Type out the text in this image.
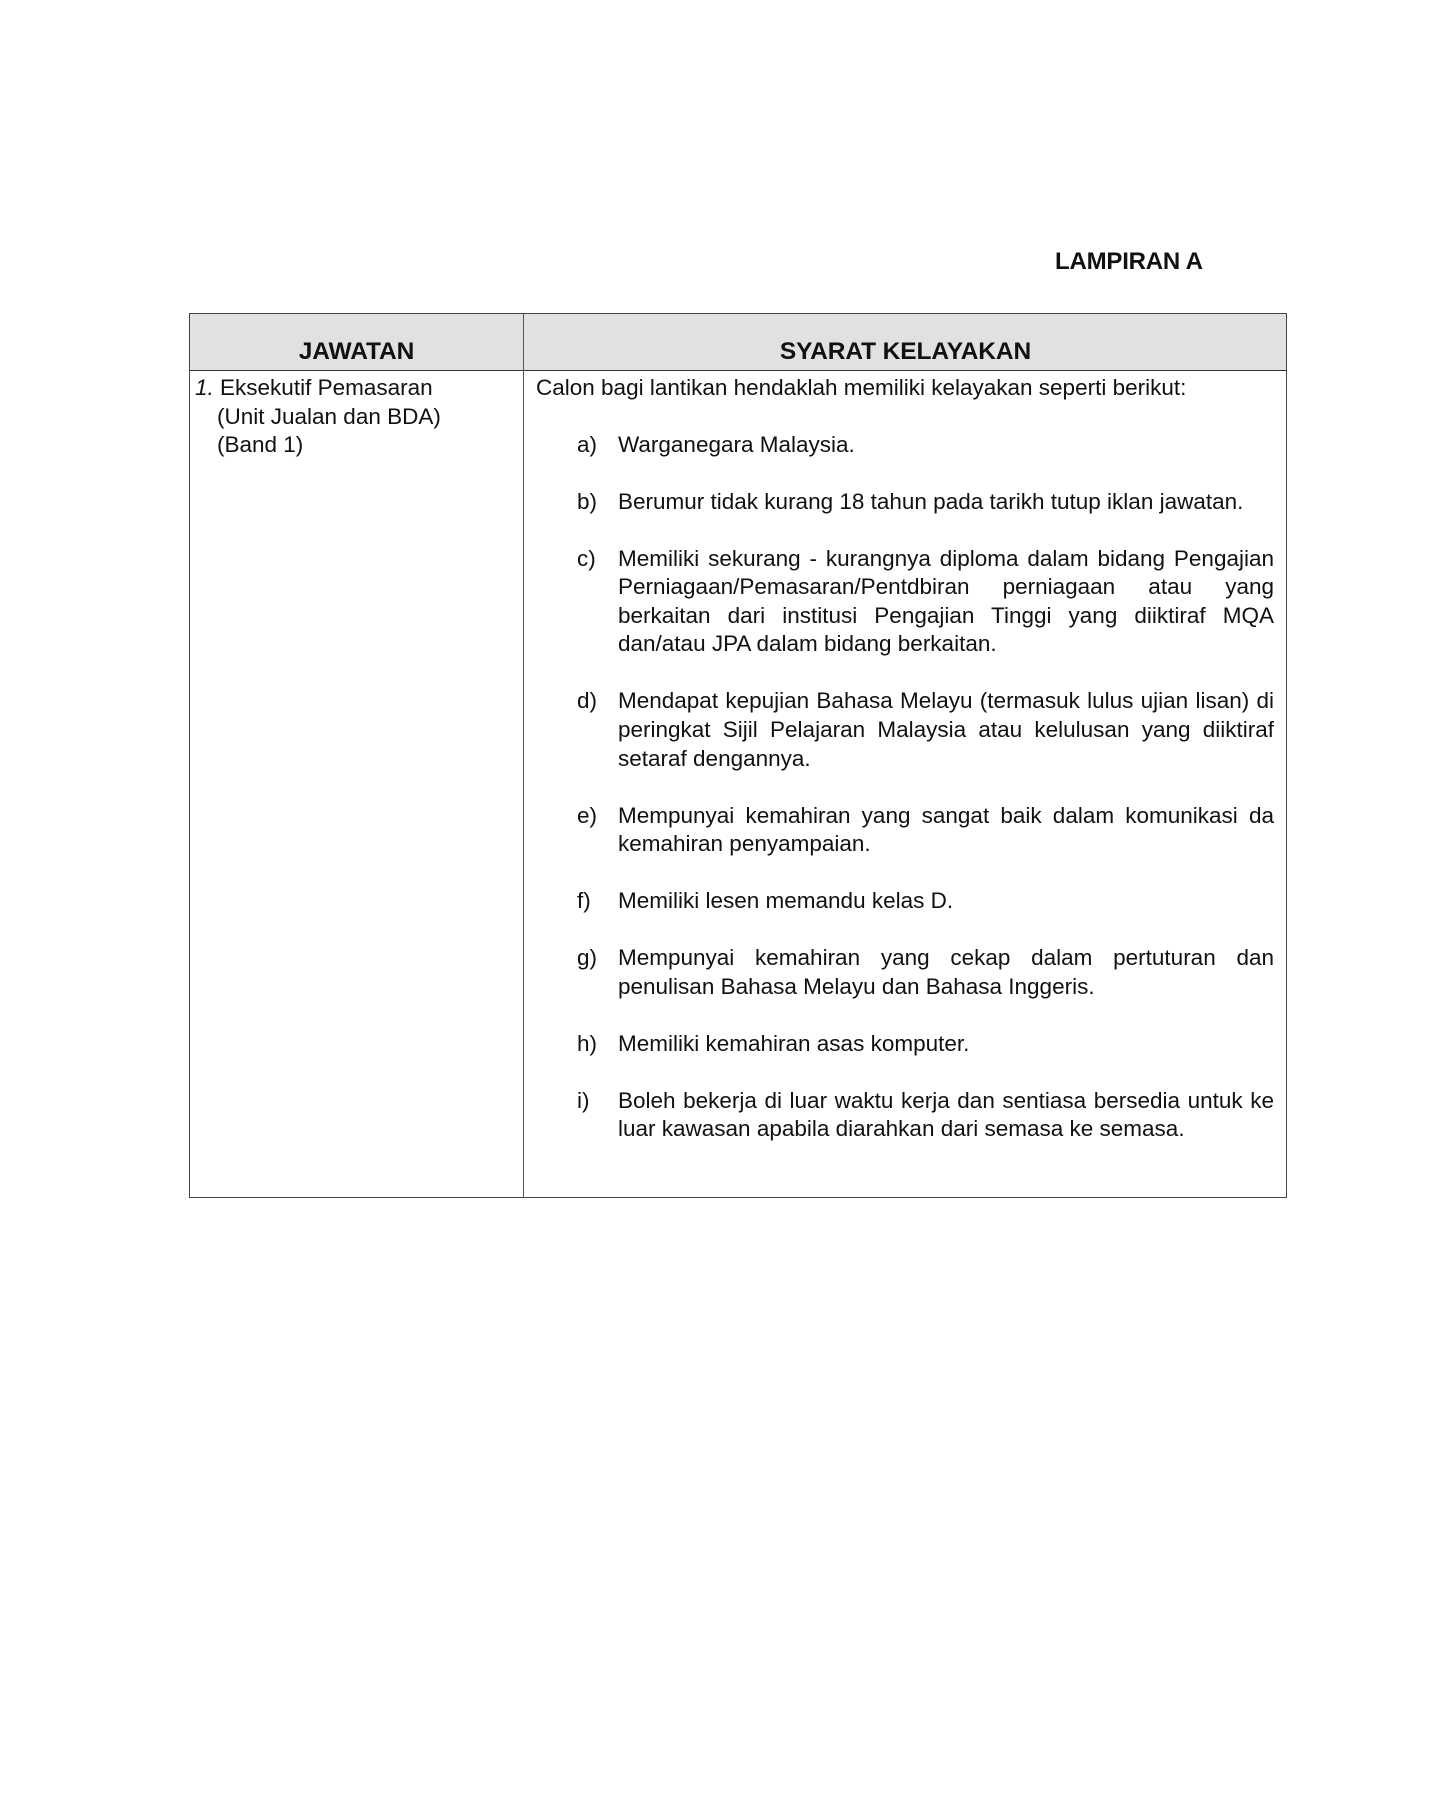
LAMPIRAN A
JAWATAN	SYARAT KELAYAKAN
1. Eksekutif Pemasaran
(Unit Jualan dan BDA)
(Band 1)
Calon bagi lantikan hendaklah memiliki kelayakan seperti berikut:
a) Warganegara Malaysia.
b) Berumur tidak kurang 18 tahun pada tarikh tutup iklan jawatan.
c) Memiliki sekurang - kurangnya diploma dalam bidang Pengajian Perniagaan/Pemasaran/Pentdbiran perniagaan atau yang berkaitan dari institusi Pengajian Tinggi yang diiktiraf MQA dan/atau JPA dalam bidang berkaitan.
d) Mendapat kepujian Bahasa Melayu (termasuk lulus ujian lisan) di peringkat Sijil Pelajaran Malaysia atau kelulusan yang diiktiraf setaraf dengannya.
e) Mempunyai kemahiran yang sangat baik dalam komunikasi da kemahiran penyampaian.
f) Memiliki lesen memandu kelas D.
g) Mempunyai kemahiran yang cekap dalam pertuturan dan penulisan Bahasa Melayu dan Bahasa Inggeris.
h) Memiliki kemahiran asas komputer.
i) Boleh bekerja di luar waktu kerja dan sentiasa bersedia untuk ke luar kawasan apabila diarahkan dari semasa ke semasa.
